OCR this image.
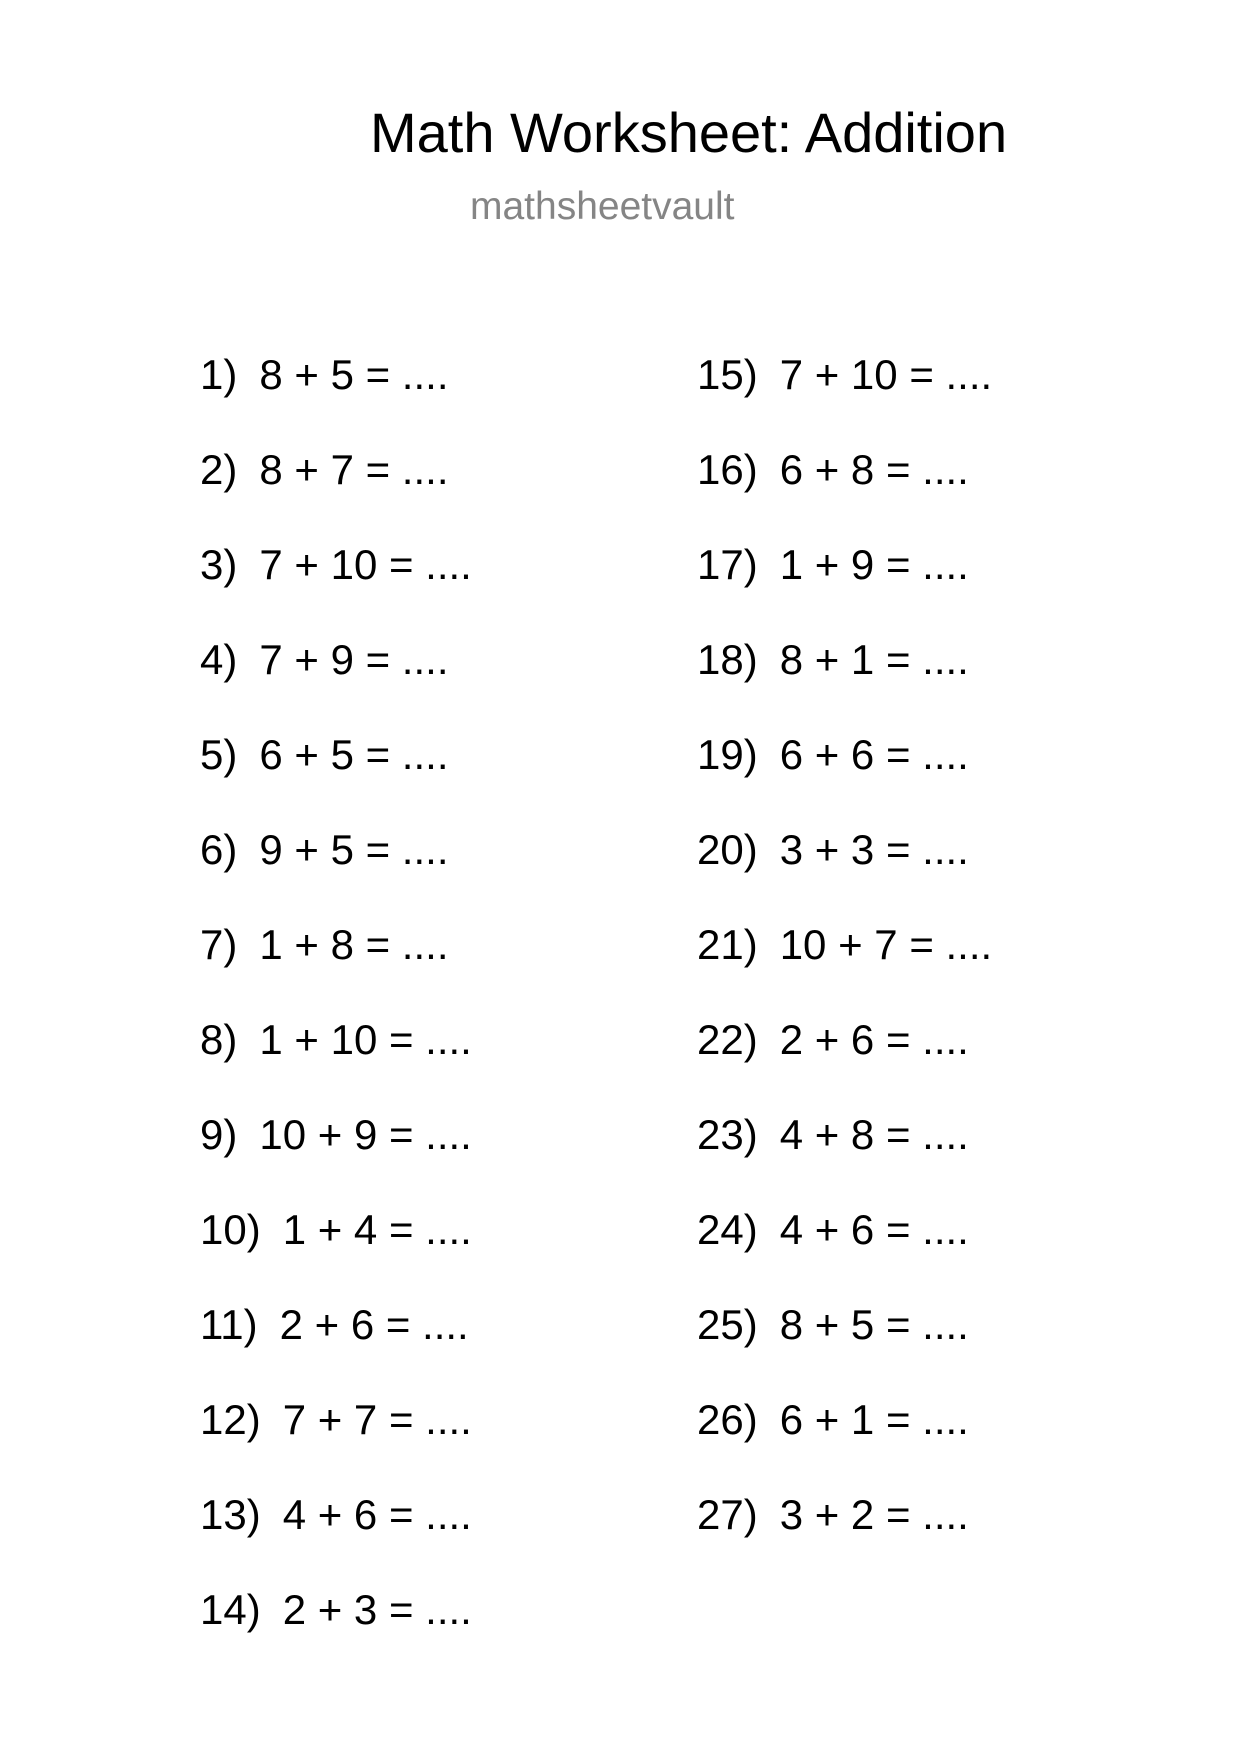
Math Worksheet: Addition
mathsheetvault
1) 8 + 5 = ....
2) 8 + 7 = ....
3) 7 + 10 = ....
4) 7 + 9 = ....
5) 6 + 5 = ....
6) 9 + 5 = ....
7) 1 + 8 = ....
8) 1 + 10 = ....
9) 10 + 9 = ....
10) 1 + 4 = ....
11) 2 + 6 = ....
12) 7 + 7 = ....
13) 4 + 6 = ....
14) 2 + 3 = ....
15) 7 + 10 = ....
16) 6 + 8 = ....
17) 1 + 9 = ....
18) 8 + 1 = ....
19) 6 + 6 = ....
20) 3 + 3 = ....
21) 10 + 7 = ....
22) 2 + 6 = ....
23) 4 + 8 = ....
24) 4 + 6 = ....
25) 8 + 5 = ....
26) 6 + 1 = ....
27) 3 + 2 = ....
